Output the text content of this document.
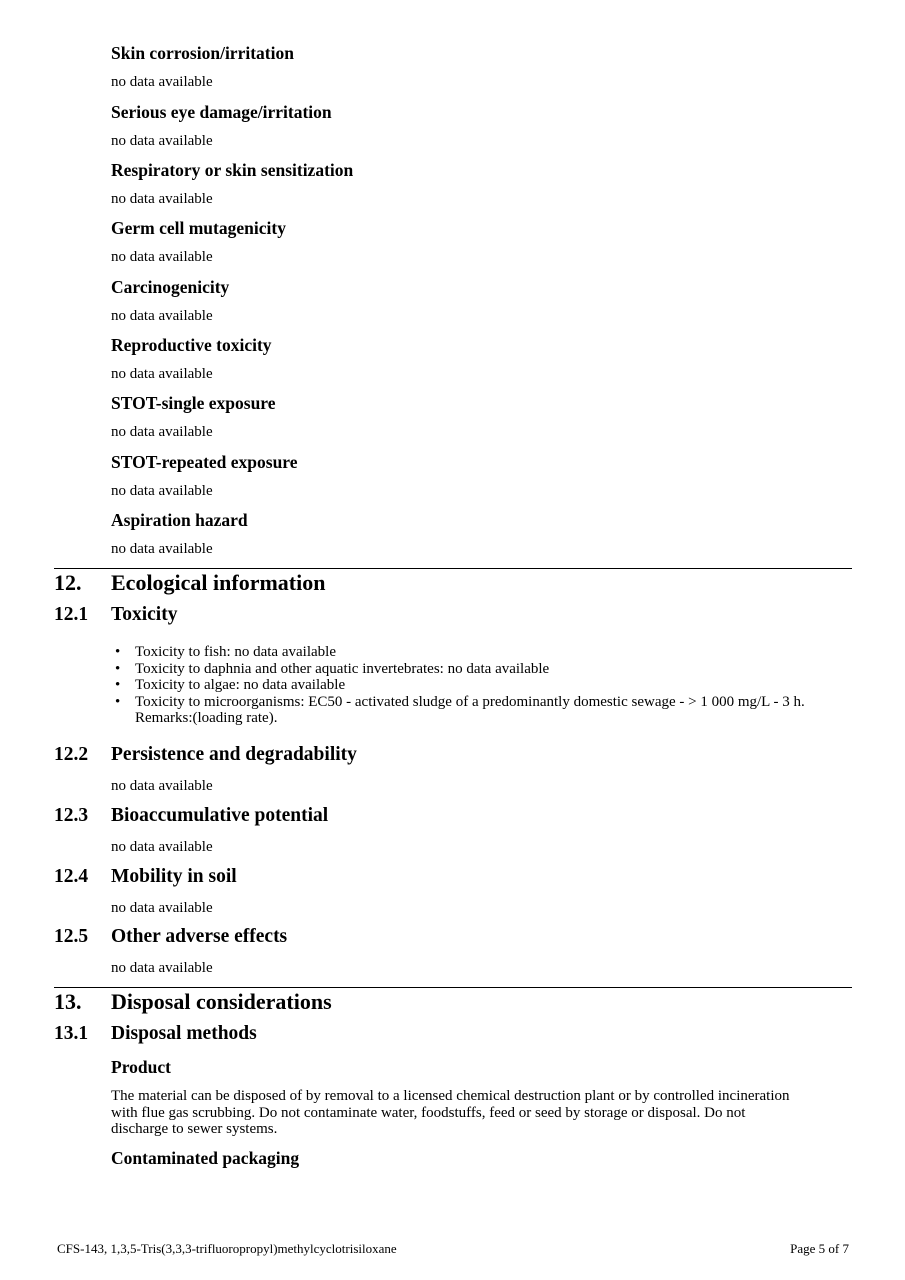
Skin corrosion/irritation
no data available
Serious eye damage/irritation
no data available
Respiratory or skin sensitization
no data available
Germ cell mutagenicity
no data available
Carcinogenicity
no data available
Reproductive toxicity
no data available
STOT-single exposure
no data available
STOT-repeated exposure
no data available
Aspiration hazard
no data available
12. Ecological information
12.1 Toxicity
• Toxicity to fish: no data available
• Toxicity to daphnia and other aquatic invertebrates: no data available
• Toxicity to algae: no data available
• Toxicity to microorganisms: EC50 - activated sludge of a predominantly domestic sewage - > 1 000 mg/L - 3 h. Remarks:(loading rate).
12.2 Persistence and degradability
no data available
12.3 Bioaccumulative potential
no data available
12.4 Mobility in soil
no data available
12.5 Other adverse effects
no data available
13. Disposal considerations
13.1 Disposal methods
Product
The material can be disposed of by removal to a licensed chemical destruction plant or by controlled incineration with flue gas scrubbing. Do not contaminate water, foodstuffs, feed or seed by storage or disposal. Do not discharge to sewer systems.
Contaminated packaging
CFS-143, 1,3,5-Tris(3,3,3-trifluoropropyl)methylcyclotrisiloxane	Page 5 of 7
